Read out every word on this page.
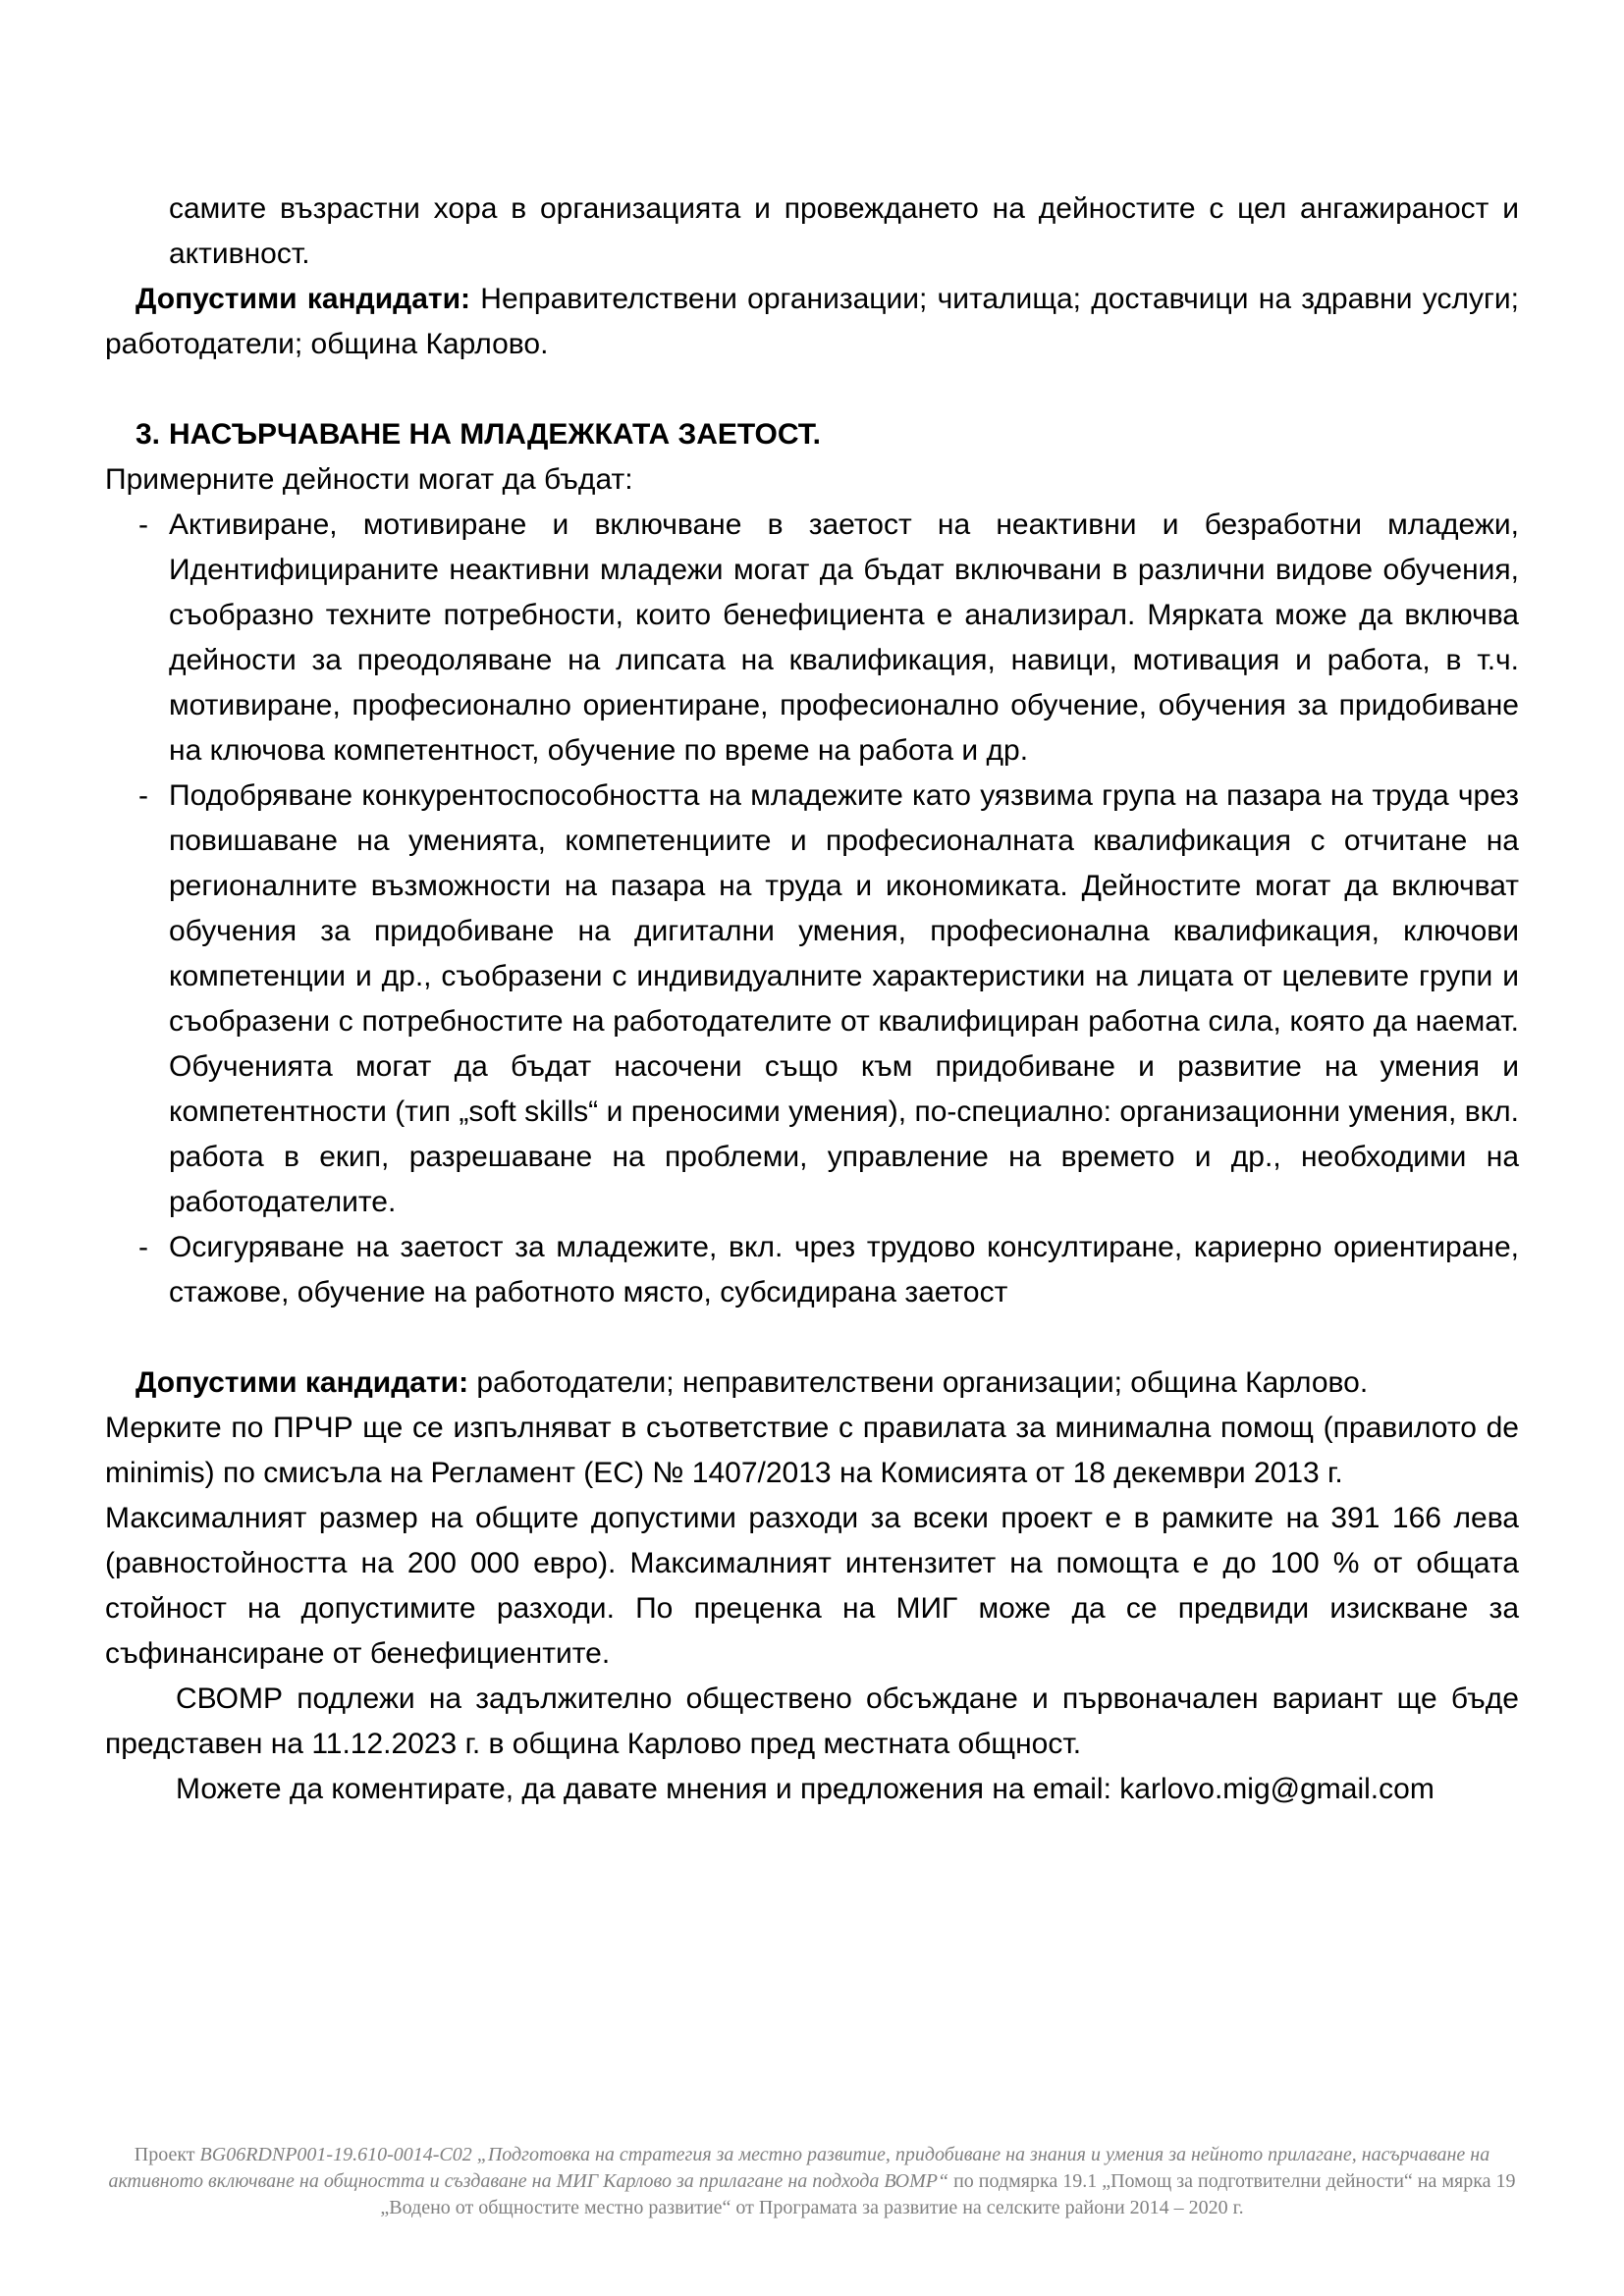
самите възрастни хора в организацията и провеждането на дейностите с цел ангажираност и активност.

Допустими кандидати: Неправителствени организации; читалища; доставчици на здравни услуги; работодатели; община Карлово.

3. НАСЪРЧАВАНЕ НА МЛАДЕЖКАТА ЗАЕТОСТ.

Примерните дейности могат да бъдат:

- Активиране, мотивиране и включване в заетост на неактивни и безработни младежи, Идентифицираните неактивни младежи могат да бъдат включвани в различни видове обучения, съобразно техните потребности, които бенефициента е анализирал. Мярката може да включва дейности за преодоляване на липсата на квалификация, навици, мотивация и работа, в т.ч. мотивиране, професионално ориентиране, професионално обучение, обучения за придобиване на ключова компетентност, обучение по време на работа и др.
- Подобряване конкурентоспособността на младежите като уязвима група на пазара на труда чрез повишаване на уменията, компетенциите и професионалната квалификация с отчитане на регионалните възможности на пазара на труда и икономиката. Дейностите могат да включват обучения за придобиване на дигитални умения, професионална квалификация, ключови компетенции и др., съобразени с индивидуалните характеристики на лицата от целевите групи и съобразени с потребностите на работодателите от квалифициран работна сила, която да наемат. Обученията могат да бъдат насочени също към придобиване и развитие на умения и компетентности (тип „soft skills“ и преносими умения), по-специално: организационни умения, вкл. работа в екип, разрешаване на проблеми, управление на времето и др., необходими на работодателите.
- Осигуряване на заетост за младежите, вкл. чрез трудово консултиране, кариерно ориентиране, стажове, обучение на работното място, субсидирана заетост

Допустими кандидати: работодатели; неправителствени организации; община Карлово.

Мерките по ПРЧР ще се изпълняват в съответствие с правилата за минимална помощ (правилото de minimis) по смисъла на Регламент (ЕС) № 1407/2013 на Комисията от 18 декември 2013 г.

Максималният размер на общите допустими разходи за всеки проект е в рамките на 391 166 лева (равностойността на 200 000 евро). Максималният интензитет на помощта е до 100 % от общата стойност на допустимите разходи. По преценка на МИГ може да се предвиди изискване за съфинансиране от бенефициентите.

СВОМР подлежи на задължително обществено обсъждане и първоначален вариант ще бъде представен на 11.12.2023 г. в община Карлово пред местната общност.

Можете да коментирате, да давате мнения и предложения на email: karlovo.mig@gmail.com

Проект BG06RDNP001-19.610-0014-C02 „Подготовка на стратегия за местно развитие, придобиване на знания и умения за нейното прилагане, насърчаване на активното включване на общността и създаване на МИГ Карлово за прилагане на подхода ВОМР“ по подмярка 19.1 „Помощ за подготвителни дейности“ на мярка 19 „Водено от общностите местно развитие“ от Програмата за развитие на селските райони 2014 – 2020 г.
